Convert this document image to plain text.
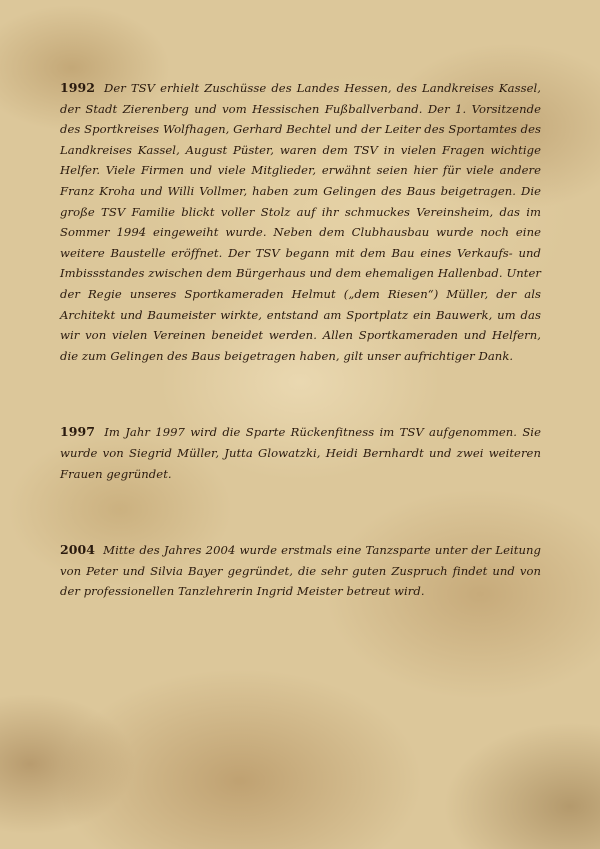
1992 Der TSV erhielt Zuschüsse des Landes Hessen, des Landkreises Kassel, der Stadt Zierenberg und vom Hessischen Fußballverband. Der 1. Vorsitzende des Sportkreises Wolfhagen, Gerhard Bechtel und der Leiter des Sportamtes des Landkreises Kassel, August Püster, waren dem TSV in vielen Fragen wichtige Helfer. Viele Firmen und viele Mitglieder, erwähnt seien hier für viele andere Franz Kroha und Willi Vollmer, haben zum Gelingen des Baus beigetragen. Die große TSV Familie blickt voller Stolz auf ihr schmuckes Vereinsheim, das im Sommer 1994 eingeweiht wurde. Neben dem Clubhausbau wurde noch eine weitere Baustelle eröffnet. Der TSV begann mit dem Bau eines Verkaufs- und Imbissstandes zwischen dem Bürgerhaus und dem ehemaligen Hallenbad. Unter der Regie unseres Sportkameraden Helmut („dem Riesen“) Müller, der als Architekt und Baumeister wirkte, entstand am Sportplatz ein Bauwerk, um das wir von vielen Vereinen beneidet werden. Allen Sportkameraden und Helfern, die zum Gelingen des Baus beigetragen haben, gilt unser aufrichtiger Dank.

1997 Im Jahr 1997 wird die Sparte Rückenfitness im TSV aufgenommen. Sie wurde von Siegrid Müller, Jutta Glowatzki, Heidi Bernhardt und zwei weiteren Frauen gegründet.

2004 Mitte des Jahres 2004 wurde erstmals eine Tanzsparte unter der Leitung von Peter und Silvia Bayer gegründet, die sehr guten Zuspruch findet und von der professionellen Tanzlehrerin Ingrid Meister betreut wird.
